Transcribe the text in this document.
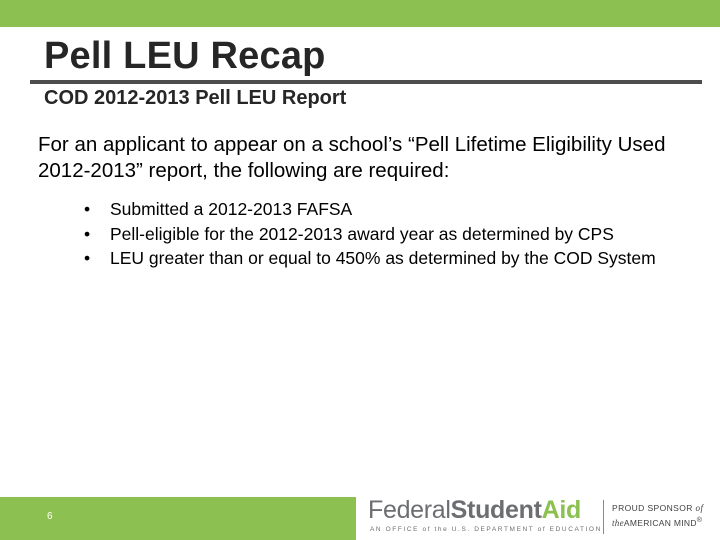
Pell LEU Recap
COD 2012-2013 Pell LEU Report

For an applicant to appear on a school’s “Pell Lifetime Eligibility Used 2012-2013” report, the following are required:

• Submitted a 2012-2013 FAFSA
• Pell-eligible for the 2012-2013 award year as determined by CPS
• LEU greater than or equal to 450% as determined by the COD System
6	FederalStudentAid
AN OFFICE of the U.S. DEPARTMENT of EDUCATION
PROUD SPONSOR of
theAMERICAN MIND®
